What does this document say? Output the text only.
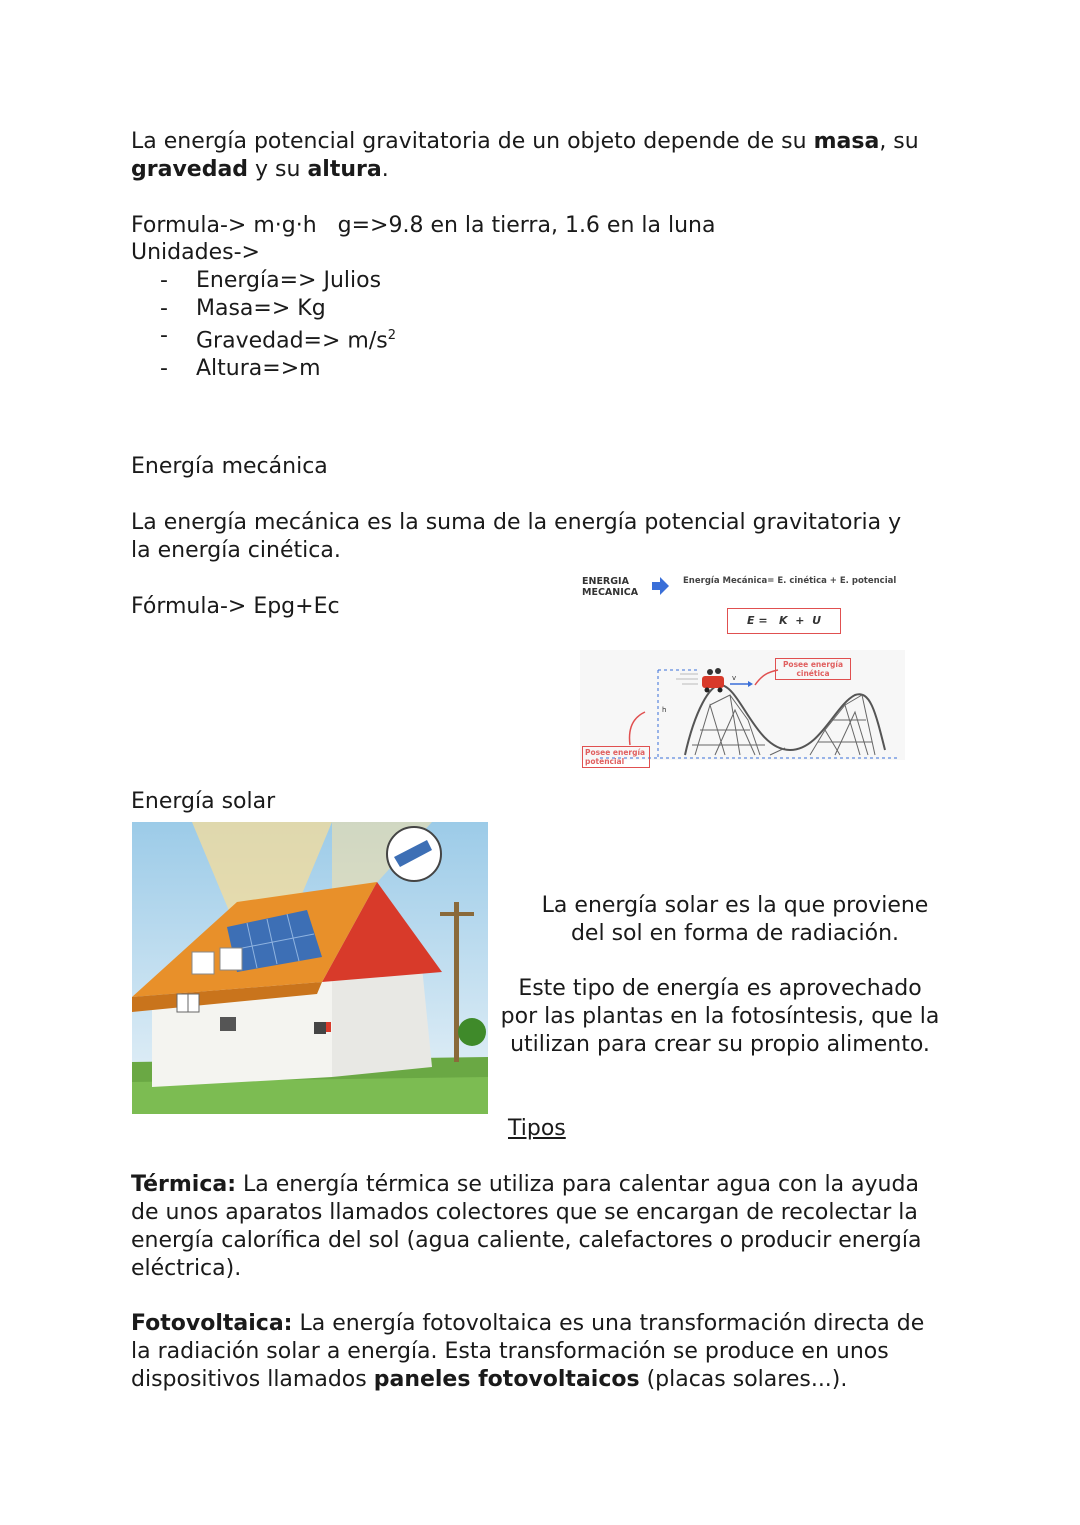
La energía potencial gravitatoria de un objeto depende de su masa, su

gravedad y su altura.

Formula-> m·g·h   g=>9.8 en la tierra, 1.6 en la luna

Unidades->

- Energía=> Julios
- Masa=> Kg
- Gravedad=> $m/s^2$
- Altura=>m

Energía mecánica

La energía mecánica es la suma de la energía potencial gravitatoria y

la energía cinética.

Fórmula-> Epg+Ec

ENERGIA
MECANICA
Energía Mecánica= E. cinética + E. potencial
E =   K  +  U
h
v
Posee energía potencial
Posee energía cinética

Energía solar

La energía solar es la que proviene

del sol en forma de radiación.

Este tipo de energía es aprovechado

por las plantas en la fotosíntesis, que la

utilizan para crear su propio alimento.

Tipos

Térmica: La energía térmica se utiliza para calentar agua con la ayuda

de unos aparatos llamados colectores que se encargan de recolectar la

energía calorífica del sol (agua caliente, calefactores o producir energía

eléctrica).

Fotovoltaica: La energía fotovoltaica es una transformación directa de

la radiación solar a energía. Esta transformación se produce en unos

dispositivos llamados paneles fotovoltaicos (placas solares...).
